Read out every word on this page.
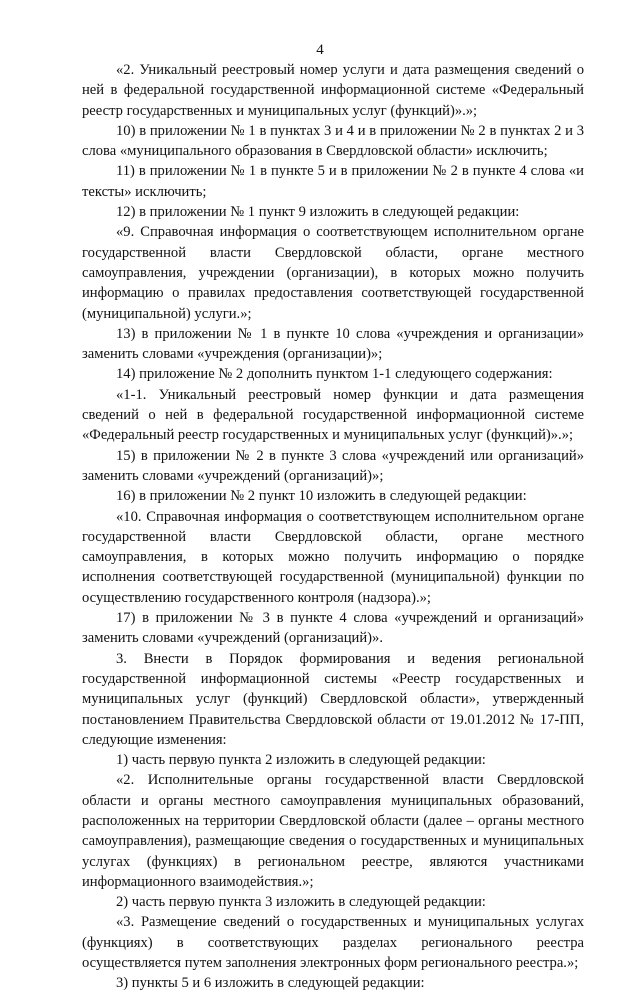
4

«2. Уникальный реестровый номер услуги и дата размещения сведений о ней в федеральной государственной информационной системе «Федеральный реестр государственных и муниципальных услуг (функций)».»;

10) в приложении № 1 в пунктах 3 и 4 и в приложении № 2 в пунктах 2 и 3 слова «муниципального образования в Свердловской области» исключить;

11) в приложении № 1 в пункте 5 и в приложении № 2 в пункте 4 слова «и тексты» исключить;

12) в приложении № 1 пункт 9 изложить в следующей редакции:

«9. Справочная информация о соответствующем исполнительном органе государственной власти Свердловской области, органе местного самоуправления, учреждении (организации), в которых можно получить информацию о правилах предоставления соответствующей государственной (муниципальной) услуги.»;

13) в приложении № 1 в пункте 10 слова «учреждения и организации» заменить словами «учреждения (организации)»;

14) приложение № 2 дополнить пунктом 1-1 следующего содержания:

«1-1. Уникальный реестровый номер функции и дата размещения сведений о ней в федеральной государственной информационной системе «Федеральный реестр государственных и муниципальных услуг (функций)».»;

15) в приложении № 2 в пункте 3 слова «учреждений или организаций» заменить словами «учреждений (организаций)»;

16) в приложении № 2 пункт 10 изложить в следующей редакции:

«10. Справочная информация о соответствующем исполнительном органе государственной власти Свердловской области, органе местного самоуправления, в которых можно получить информацию о порядке исполнения соответствующей государственной (муниципальной) функции по осуществлению государственного контроля (надзора).»;

17) в приложении № 3 в пункте 4 слова «учреждений и организаций» заменить словами «учреждений (организаций)».

3. Внести в Порядок формирования и ведения региональной государственной информационной системы «Реестр государственных и муниципальных услуг (функций) Свердловской области», утвержденный постановлением Правительства Свердловской области от 19.01.2012 № 17-ПП, следующие изменения:

1) часть первую пункта 2 изложить в следующей редакции:

«2. Исполнительные органы государственной власти Свердловской области и органы местного самоуправления муниципальных образований, расположенных на территории Свердловской области (далее – органы местного самоуправления), размещающие сведения о государственных и муниципальных услугах (функциях) в региональном реестре, являются участниками информационного взаимодействия.»;

2) часть первую пункта 3 изложить в следующей редакции:

«3. Размещение сведений о государственных и муниципальных услугах (функциях) в соответствующих разделах регионального реестра осуществляется путем заполнения электронных форм регионального реестра.»;

3) пункты 5 и 6 изложить в следующей редакции:
